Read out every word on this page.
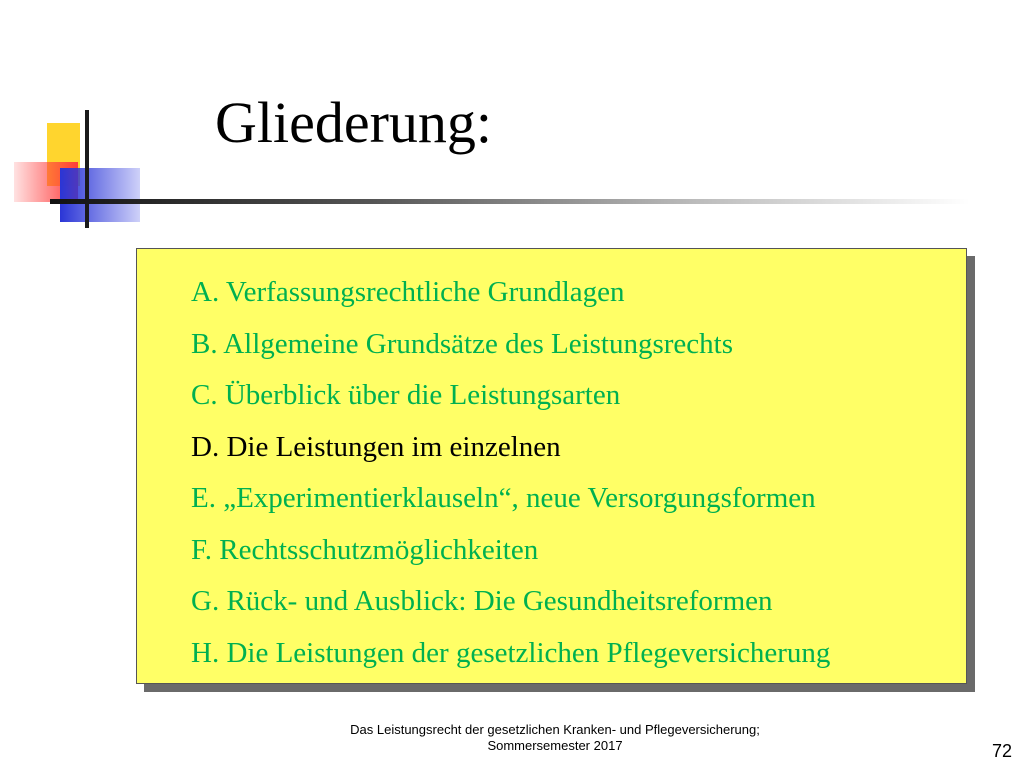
Gliederung:
A. Verfassungsrechtliche Grundlagen
B. Allgemeine Grundsätze des Leistungsrechts
C. Überblick über die Leistungsarten
D. Die Leistungen im einzelnen
E. „Experimentierklauseln“, neue Versorgungsformen
F. Rechtsschutzmöglichkeiten
G. Rück- und Ausblick: Die Gesundheitsreformen
H. Die Leistungen der gesetzlichen Pflegeversicherung
Das Leistungsrecht der gesetzlichen Kranken- und Pflegeversicherung;
Sommersemester 2017	72
